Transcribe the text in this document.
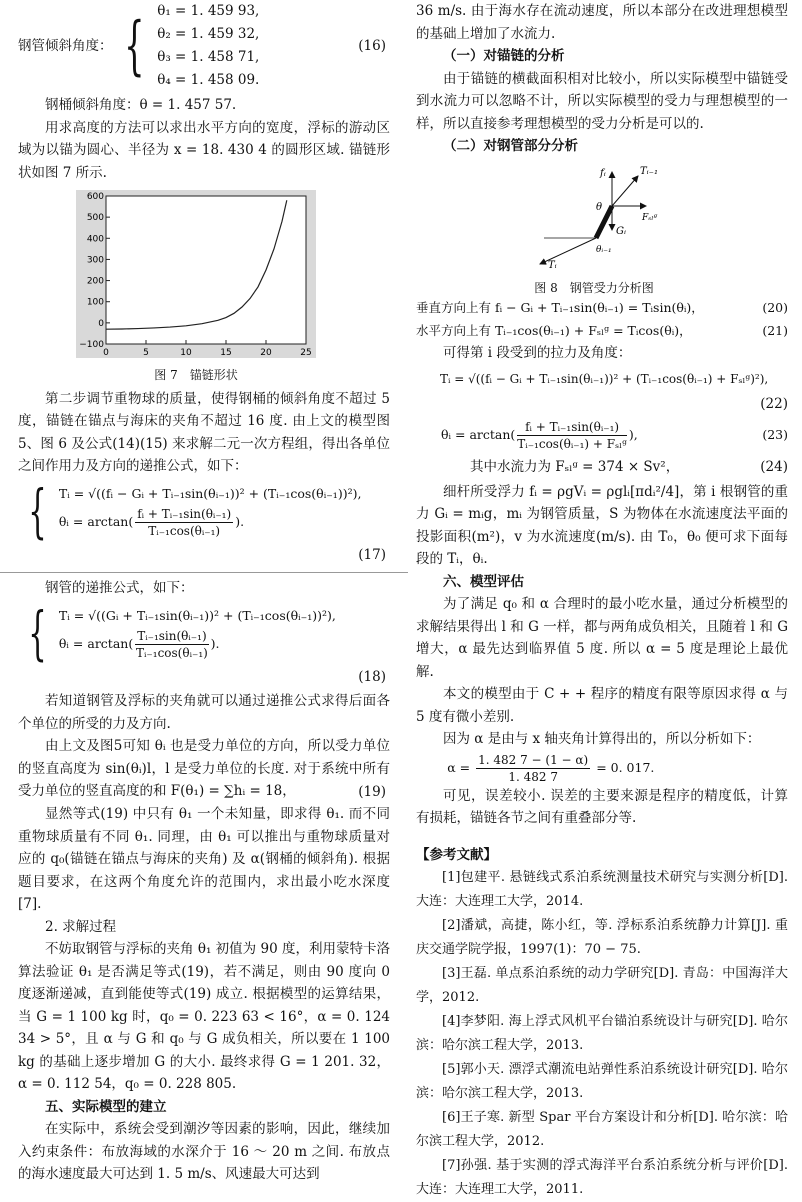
钢管倾斜角度： { θ₁ = 1. 459 93,
θ₂ = 1. 459 32,
θ₃ = 1. 458 71,
θ₄ = 1. 458 09.
(16)

钢桶倾斜角度：θ = 1. 457 57.

用求高度的方法可以求出水平方向的宽度，浮标的游动区域为以锚为圆心、半径为 x = 18. 430 4 的圆形区域. 锚链形状如图 7 所示.

0	5	10	15	20	25
−100
0
100
200
300
400
500
600
图 7　锚链形状

第二步调节重物球的质量，使得钢桶的倾斜角度不超过 5 度，锚链在锚点与海床的夹角不超过 16 度. 由上文的模型图 5、图 6 及公式(14)(15) 来求解二元一次方程组，得出各单位之间作用力及方向的递推公式，如下：

{ Tᵢ = √((fᵢ − Gᵢ + Tᵢ₋₁sin(θᵢ₋₁))² + (Tᵢ₋₁cos(θᵢ₋₁))²),
θᵢ = $\arctan( \frac{\text{fᵢ + Tᵢ₋₁sin(θᵢ₋₁)}}{\text{Tᵢ₋₁cos(θᵢ₋₁)}}$ ).
(17)

钢管的递推公式，如下：

{ Tᵢ = √((Gᵢ + Tᵢ₋₁sin(θᵢ₋₁))² + (Tᵢ₋₁cos(θᵢ₋₁))²),
θᵢ = $\arctan( \frac{\text{Tᵢ₋₁sin(θᵢ₋₁)}}{\text{Tᵢ₋₁cos(θᵢ₋₁)}}$ ).
(18)

若知道钢管及浮标的夹角就可以通过递推公式求得后面各个单位的所受的力及方向.

由上文及图5可知 θᵢ 也是受力单位的方向，所以受力单位的竖直高度为 sin(θᵢ)l，l 是受力单位的长度. 对于系统中所有受力单位的竖直高度的和 F(θ₁) = ∑hᵢ = 18，	(19)

显然等式(19) 中只有 θ₁ 一个未知量，即求得 θ₁. 而不同重物球质量有不同 θ₁. 同理，由 θ₁ 可以推出与重物球质量对应的 q₀(锚链在锚点与海床的夹角) 及 α(钢桶的倾斜角). 根据题目要求，在这两个角度允许的范围内，求出最小吃水深度[7].

2. 求解过程

不妨取钢管与浮标的夹角 θ₁ 初值为 90 度，利用蒙特卡洛算法验证 θ₁ 是否满足等式(19)，若不满足，则由 90 度向 0 度逐渐递减，直到能使等式(19) 成立. 根据模型的运算结果，当 G = 1 100 kg 时，q₀ = 0. 223 63 < 16°，α = 0. 124 34 > 5°，且 α 与 G 和 q₀ 与 G 成负相关，所以要在 1 100 kg 的基础上逐步增加 G 的大小. 最终求得 G = 1 201. 32，α = 0. 112 54，q₀ = 0. 228 805.

五、实际模型的建立

在实际中，系统会受到潮汐等因素的影响，因此，继续加入约束条件：布放海域的水深介于 16 ～ 20 m 之间. 布放点的海水速度最大可达到 1. 5 m/s、风速最大可达到

36 m/s. 由于海水存在流动速度，所以本部分在改进理想模型的基础上增加了水流力.

（一）对锚链的分析

由于锚链的横截面积相对比较小，所以实际模型中锚链受到水流力可以忽略不计，所以实际模型的受力与理想模型的一样，所以直接参考理想模型的受力分析是可以的.

（二）对钢管部分分析

fᵢ	Tᵢ₋₁
θ
Fₛₗᵍ
Gᵢ
θᵢ₋₁
Tᵢ
图 8　钢管受力分析图
垂直方向上有 fᵢ − Gᵢ + Tᵢ₋₁sin(θᵢ₋₁) = Tᵢsin(θᵢ)，	(20)
水平方向上有 Tᵢ₋₁cos(θᵢ₋₁) + Fₛₗᵍ = Tᵢcos(θᵢ)，	(21)

可得第 i 段受到的拉力及角度：

Tᵢ = √((fᵢ − Gᵢ + Tᵢ₋₁sin(θᵢ₋₁))² + (Tᵢ₋₁cos(θᵢ₋₁) + Fₛₗᵍ)²),
(22)
θᵢ = $\arctan( \frac{\text{fᵢ + Tᵢ₋₁sin(θᵢ₋₁)}}{\text{Tᵢ₋₁cos(θᵢ₋₁) + Fₛₗᵍ}}$ ),	(23)
其中水流力为 Fₛₗᵍ = 374 × Sv²，	(24)

细杆所受浮力 fᵢ = ρgVᵢ = ρglᵢ[πdᵢ²/4]，第 i 根钢管的重力 Gᵢ = mᵢg，mᵢ 为钢管质量，S 为物体在水流速度法平面的投影面积(m²)，v 为水流速度(m/s). 由 T₀，θ₀ 便可求下面每段的 Tᵢ，θᵢ.

六、模型评估

为了满足 q₀ 和 α 合理时的最小吃水量，通过分析模型的求解结果得出 l 和 G 一样，都与两角成负相关，且随着 l 和 G 增大，α 最先达到临界值 5 度. 所以 α = 5 度是理论上最优解.

本文的模型由于 C + + 程序的精度有限等原因求得 α 与 5 度有微小差别.

因为 α 是由与 x 轴夹角计算得出的，所以分析如下：

$\alpha = \frac{1. 482 7 - (1 - \alpha)}{1. 482 7} = 0$. 017.

可见，误差较小. 误差的主要来源是程序的精度低，计算有损耗，锚链各节之间有重叠部分等.

【参考文献】

[1]包建平. 悬链线式系泊系统测量技术研究与实测分析[D]. 大连：大连理工大学，2014.

[2]潘斌，高捷，陈小红，等. 浮标系泊系统静力计算[J]. 重庆交通学院学报，1997(1)：70 − 75.

[3]王磊. 单点系泊系统的动力学研究[D]. 青岛：中国海洋大学，2012.

[4]李梦阳. 海上浮式风机平台锚泊系统设计与研究[D]. 哈尔滨：哈尔滨工程大学，2013.

[5]郭小天. 漂浮式潮流电站弹性系泊系统设计研究[D]. 哈尔滨：哈尔滨工程大学，2013.

[6]王子寒. 新型 Spar 平台方案设计和分析[D]. 哈尔滨：哈尔滨工程大学，2012.

[7]孙强. 基于实测的浮式海洋平台系泊系统分析与评价[D]. 大连：大连理工大学，2011.
